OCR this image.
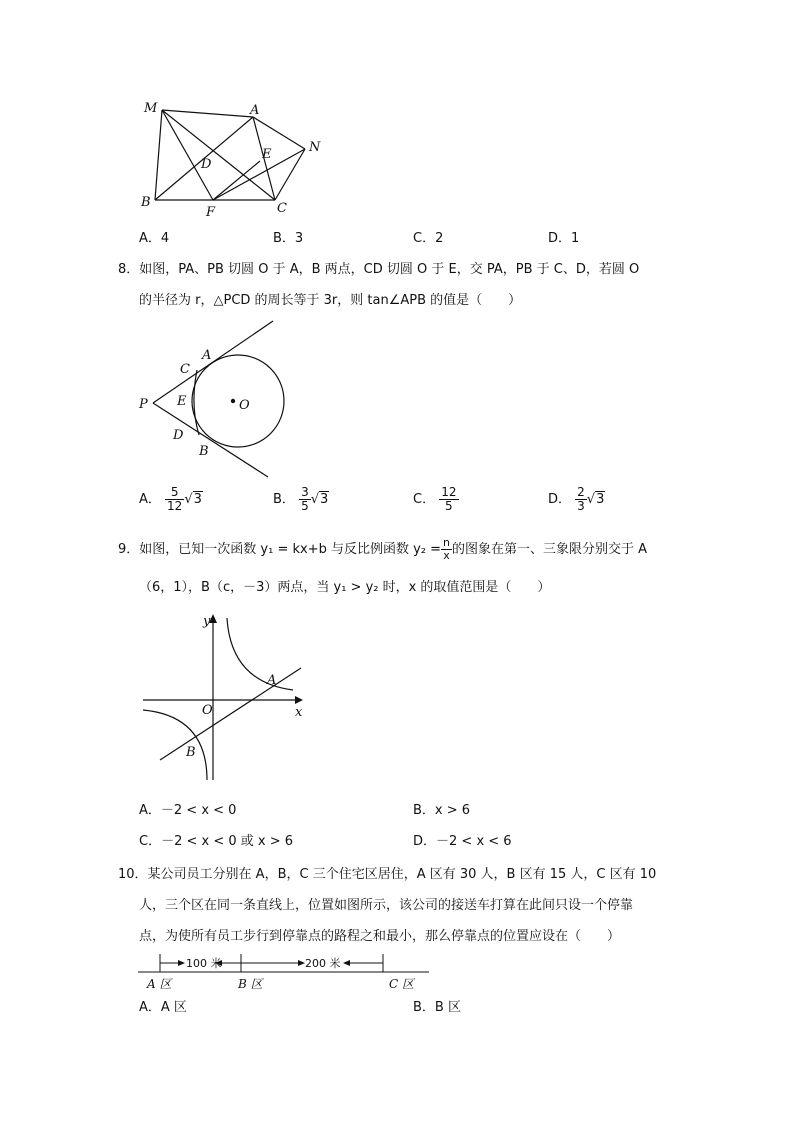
M	A
N
D
E
B
F	C
A．4	B．3	C．2	D．1
8．如图，PA、PB 切圆 O 于 A，B 两点，CD 切圆 O 于 E，交 PA，PB 于 C、D，若圆 O
的半径为 r，△PCD 的周长等于 3r，则 tan∠APB 的值是（　　）
P
A
C
E	O
D
B
A． $\frac{5}{12} √3$	B． $\frac{3}{5} √3$	C． $\frac{12}{5}$	D． $\frac{2}{3} √3$
9．如图，已知一次函数 y₁ = kx+b 与反比例函数 $y_2 = \frac{n}{x}$ 的图象在第一、三象限分别交于 A
（6，1），B（c，－3）两点，当 y₁ > y₂ 时，x 的取值范围是（　　）
y
x
O
A
B
A．－2 < x < 0	B．x > 6
C．－2 < x < 0 或 x > 6	D．－2 < x < 6
10．某公司员工分别在 A，B，C 三个住宅区居住，A 区有 30 人，B 区有 15 人，C 区有 10
人，三个区在同一条直线上，位置如图所示，该公司的接送车打算在此间只设一个停靠
点，为使所有员工步行到停靠点的路程之和最小，那么停靠点的位置应设在（　　）
100 米	200 米
A 区	B 区	C 区
A．A 区	B．B 区
